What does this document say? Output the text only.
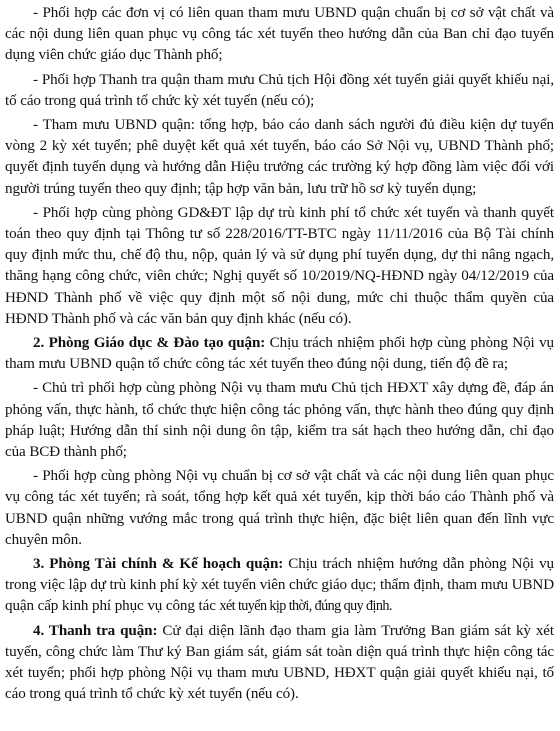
- Phối hợp các đơn vị có liên quan tham mưu UBND quận chuẩn bị cơ sở vật chất và các nội dung liên quan phục vụ công tác xét tuyển theo hướng dẫn của Ban chỉ đạo tuyển dụng viên chức giáo dục Thành phố;

- Phối hợp Thanh tra quận tham mưu Chủ tịch Hội đồng xét tuyển giải quyết khiếu nại, tố cáo trong quá trình tổ chức kỳ xét tuyển (nếu có);

- Tham mưu UBND quận: tổng hợp, báo cáo danh sách người đủ điều kiện dự tuyển vòng 2 kỳ xét tuyển; phê duyệt kết quả xét tuyển, báo cáo Sở Nội vụ, UBND Thành phố; quyết định tuyển dụng và hướng dẫn Hiệu trưởng các trường ký hợp đồng làm việc đối với người trúng tuyển theo quy định; tập hợp văn bản, lưu trữ hồ sơ kỳ tuyển dụng;

- Phối hợp cùng phòng GD&ĐT lập dự trù kinh phí tổ chức xét tuyển và thanh quyết toán theo quy định tại Thông tư số 228/2016/TT-BTC ngày 11/11/2016 của Bộ Tài chính quy định mức thu, chế độ thu, nộp, quản lý và sử dụng phí tuyển dụng, dự thi nâng ngạch, thăng hạng công chức, viên chức; Nghị quyết số 10/2019/NQ-HĐND ngày 04/12/2019 của HĐND Thành phố về việc quy định một số nội dung, mức chi thuộc thẩm quyền của HĐND Thành phố và các văn bản quy định khác (nếu có).

2. Phòng Giáo dục & Đào tạo quận: Chịu trách nhiệm phối hợp cùng phòng Nội vụ tham mưu UBND quận tổ chức công tác xét tuyển theo đúng nội dung, tiến độ đề ra;

- Chủ trì phối hợp cùng phòng Nội vụ tham mưu Chủ tịch HĐXT xây dựng đề, đáp án phỏng vấn, thực hành, tổ chức thực hiện công tác phỏng vấn, thực hành theo đúng quy định pháp luật; Hướng dẫn thí sinh nội dung ôn tập, kiểm tra sát hạch theo hướng dẫn, chỉ đạo của BCĐ thành phố;

- Phối hợp cùng phòng Nội vụ chuẩn bị cơ sở vật chất và các nội dung liên quan phục vụ công tác xét tuyển; rà soát, tổng hợp kết quả xét tuyển, kịp thời báo cáo Thành phố và UBND quận những vướng mắc trong quá trình thực hiện, đặc biệt liên quan đến lĩnh vực chuyên môn.

3. Phòng Tài chính & Kế hoạch quận: Chịu trách nhiệm hướng dẫn phòng Nội vụ trong việc lập dự trù kinh phí kỳ xét tuyển viên chức giáo dục; thẩm định, tham mưu UBND quận cấp kinh phí phục vụ công tác xét tuyển kịp thời, đúng quy định.

4. Thanh tra quận: Cử đại diện lãnh đạo tham gia làm Trưởng Ban giám sát kỳ xét tuyển, công chức làm Thư ký Ban giám sát, giám sát toàn diện quá trình thực hiện công tác xét tuyển; phối hợp phòng Nội vụ tham mưu UBND, HĐXT quận giải quyết khiếu nại, tố cáo trong quá trình tổ chức kỳ xét tuyển (nếu có).
